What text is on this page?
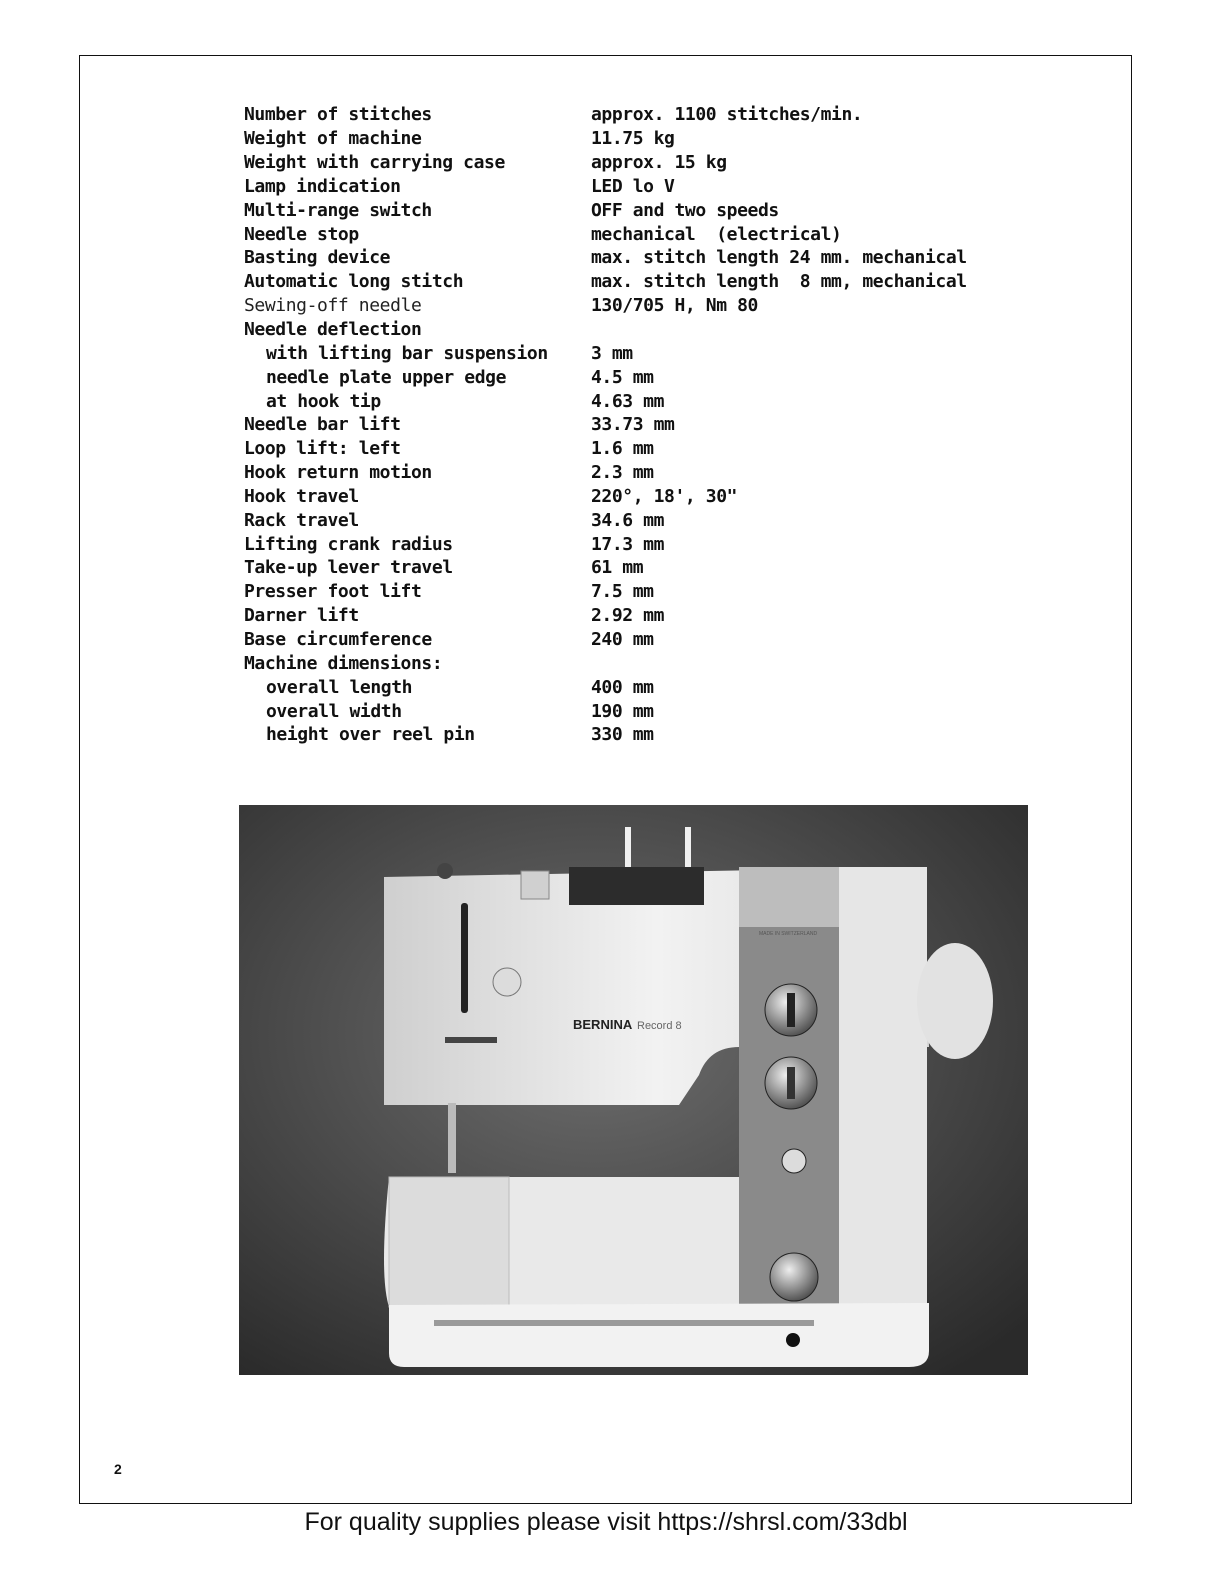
Number of stitches	approx. 1100 stitches/min.
Weight of machine	11.75 kg
Weight with carrying case	approx. 15 kg
Lamp indication	LED lo V
Multi-range switch	OFF and two speeds
Needle stop	mechanical  (electrical)
Basting device	max. stitch length 24 mm. mechanical
Automatic long stitch	max. stitch length  8 mm, mechanical
Sewing-off needle	130/705 H, Nm 80
Needle deflection
with lifting bar suspension	3 mm
needle plate upper edge	4.5 mm
at hook tip	4.63 mm
Needle bar lift	33.73 mm
Loop lift: left	1.6 mm
Hook return motion	2.3 mm
Hook travel	220°, 18', 30"
Rack travel	34.6 mm
Lifting crank radius	17.3 mm
Take-up lever travel	61 mm
Presser foot lift	7.5 mm
Darner lift	2.92 mm
Base circumference	240 mm
Machine dimensions:
overall length	400 mm
overall width	190 mm
height over reel pin	330 mm
BERNINA Record 8
MADE IN SWITZERLAND
2
For quality supplies please visit https://shrsl.com/33dbl
